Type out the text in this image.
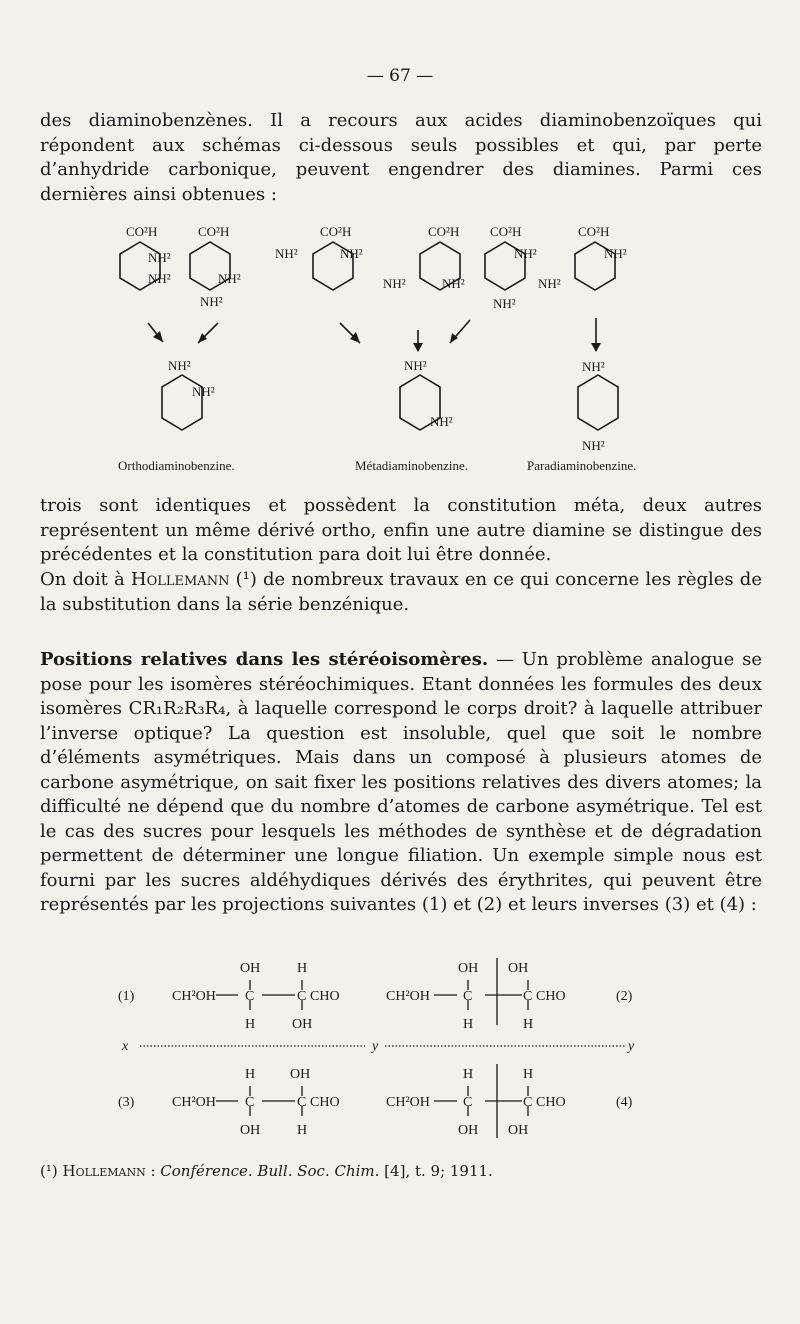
— 67 —

des diaminobenzènes. Il a recours aux acides diaminobenzoïques qui répondent aux schémas ci-dessous seuls possibles et qui, par perte d’anhydride carbonique, peuvent engendrer des diamines. Parmi ces dernières ainsi obtenues :

CO²H
NH²
NH²
CO²H
NH²
NH²
CO²H
NH²	NH²
CO²H
NH²	NH²
CO²H
NH²
NH²
CO²H
NH²
NH²
NH²
NH²
NH²
NH²
NH²
NH²
Orthodiaminobenzine.	Métadiaminobenzine.	Paradiaminobenzine.

trois sont identiques et possèdent la constitution méta, deux autres représentent un même dérivé ortho, enfin une autre diamine se distingue des précédentes et la constitution para doit lui être donnée.

On doit à Hollemann (¹) de nombreux travaux en ce qui concerne les règles de la substitution dans la série benzénique.

Positions relatives dans les stéréoisomères. — Un problème analogue se pose pour les isomères stéréochimiques. Etant données les formules des deux isomères CR₁R₂R₃R₄, à laquelle correspond le corps droit? à laquelle attribuer l’inverse optique? La question est insoluble, quel que soit le nombre d’éléments asymétriques. Mais dans un composé à plusieurs atomes de carbone asymétrique, on sait fixer les positions relatives des divers atomes; la difficulté ne dépend que du nombre d’atomes de carbone asymétrique. Tel est le cas des sucres pour lesquels les méthodes de synthèse et de dégradation permettent de déterminer une longue filiation. Un exemple simple nous est fourni par les sucres aldéhydiques dérivés des érythrites, qui peuvent être représentés par les projections suivantes (1) et (2) et leurs inverses (3) et (4) :

(1)	CH²OH C	C CHO
OH	H
H	OH
CH²OH C	C CHO
OH OH
H	H
(2)
x	y	y
(3)	CH²OH C	C CHO
H OH
OH	H
CH²OH C	C CHO
H	H
OH OH
(4)
(¹) Hollemann : Conférence. Bull. Soc. Chim. [4], t. 9; 1911.
